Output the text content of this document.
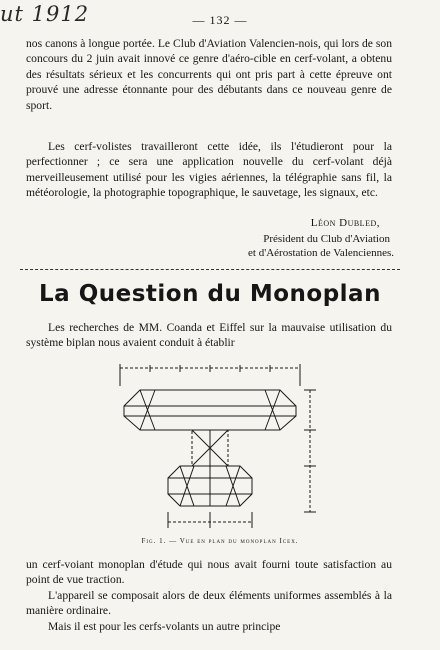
ut 1912	— 132 —

nos canons à longue portée. Le Club d'Aviation Valencien-nois, qui lors de son concours du 2 juin avait innové ce genre d'aéro-cible en cerf-volant, a obtenu des résultats sérieux et les concurrents qui ont pris part à cette épreuve ont prouvé une adresse étonnante pour des débutants dans ce nouveau genre de sport.

Les cerf-volistes travailleront cette idée, ils l'étudieront pour la perfectionner ; ce sera une application nouvelle du cerf-volant déjà merveilleusement utilisé pour les vigies aériennes, la télégraphie sans fil, la météorologie, la photographie topographique, le sauvetage, les signaux, etc.

Léon Dubled,
Président du Club d'Aviation
et d'Aérostation de Valenciennes.
La Question du Monoplan

Les recherches de MM. Coanda et Eiffel sur la mauvaise utilisation du système biplan nous avaient conduit à établir

Fig. 1. — Vue en plan du monoplan Icex.

un cerf-voiant monoplan d'étude qui nous avait fourni toute satisfaction au point de vue traction.

L'appareil se composait alors de deux éléments uniformes assemblés à la manière ordinaire.

Mais il est pour les cerfs-volants un autre principe
